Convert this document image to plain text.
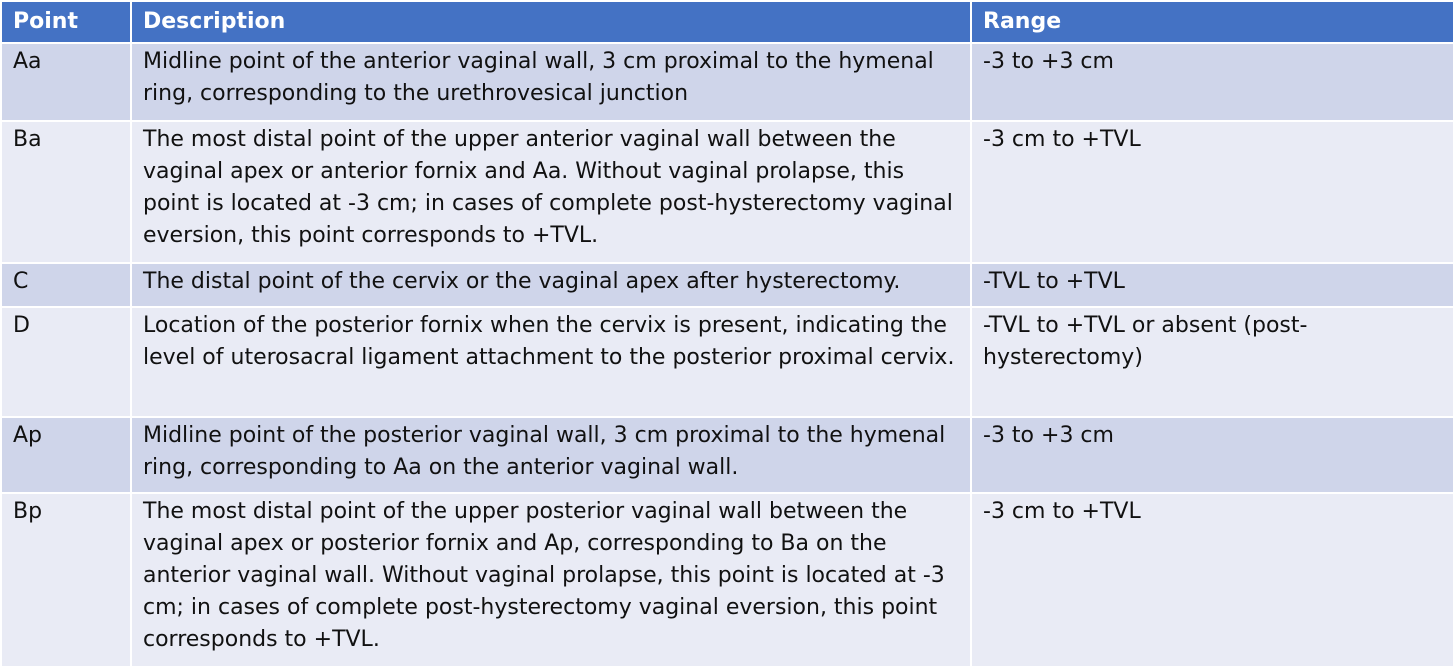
Point	Description	Range
Aa	Midline point of the anterior vaginal wall, 3 cm proximal to the hymenal ring, corresponding to the urethrovesical junction	-3 to +3 cm
Ba	The most distal point of the upper anterior vaginal wall between the vaginal apex or anterior fornix and Aa. Without vaginal prolapse, this point is located at -3 cm; in cases of complete post-hysterectomy vaginal eversion, this point corresponds to +TVL.	-3 cm to +TVL
C	The distal point of the cervix or the vaginal apex after hysterectomy.	-TVL to +TVL
D	Location of the posterior fornix when the cervix is present, indicating the level of uterosacral ligament attachment to the posterior proximal cervix.	-TVL to +TVL or absent (post-hysterectomy)
Ap	Midline point of the posterior vaginal wall, 3 cm proximal to the hymenal ring, corresponding to Aa on the anterior vaginal wall.	-3 to +3 cm
Bp	The most distal point of the upper posterior vaginal wall between the vaginal apex or posterior fornix and Ap, corresponding to Ba on the anterior vaginal wall. Without vaginal prolapse, this point is located at -3 cm; in cases of complete post-hysterectomy vaginal eversion, this point corresponds to +TVL.	-3 cm to +TVL
